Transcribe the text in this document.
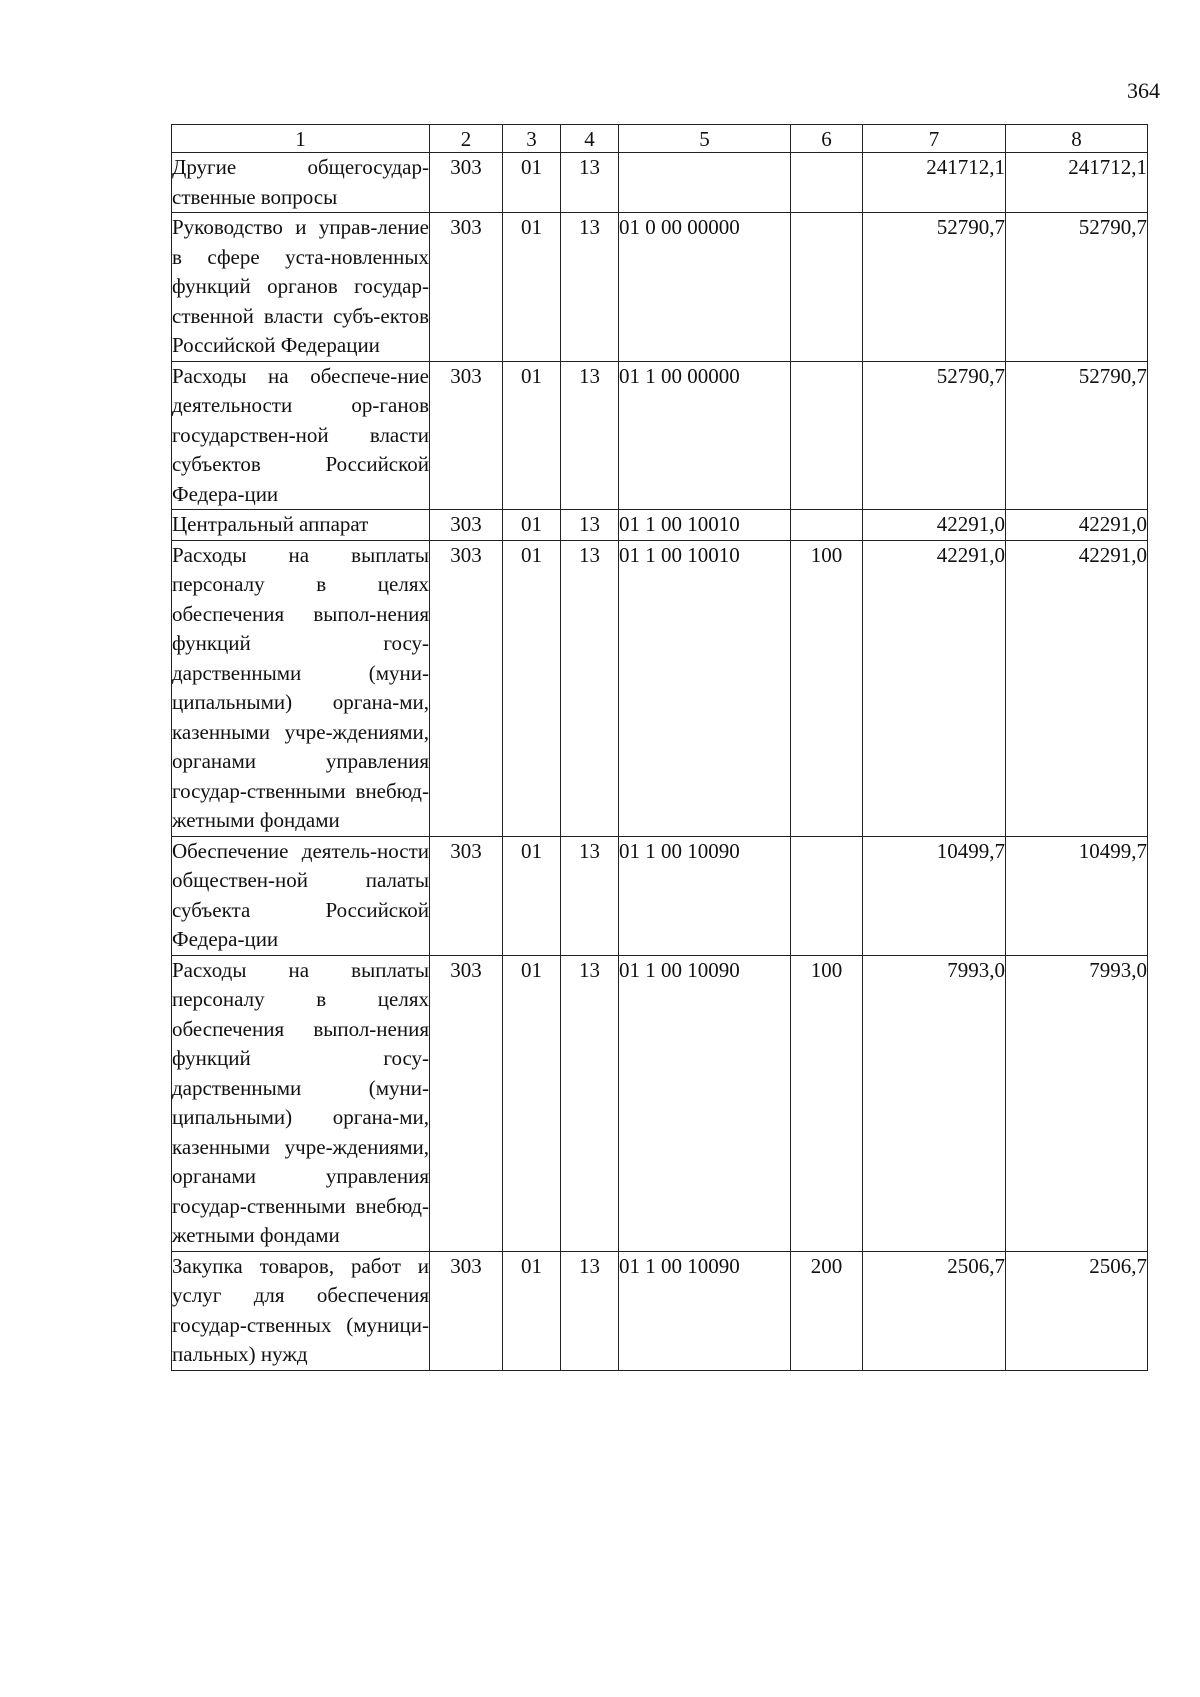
364
1	2	3	4	5	6	7	8
Другие общегосудар-ственные вопросы	303	01	13			241712,1	241712,1
Руководство и управ-ление в сфере уста-новленных функций органов государ-ственной власти субъ-ектов Российской Федерации	303	01	13	01 0 00 00000		52790,7	52790,7
Расходы на обеспече-ние деятельности ор-ганов государствен-ной власти субъектов Российской Федера-ции	303	01	13	01 1 00 00000		52790,7	52790,7
Центральный аппарат	303	01	13	01 1 00 10010		42291,0	42291,0
Расходы на выплаты персоналу в целях обеспечения выпол-нения функций госу-дарственными (муни-ципальными) органа-ми, казенными учре-ждениями, органами управления государ-ственными внебюд-жетными фондами	303	01	13	01 1 00 10010	100	42291,0	42291,0
Обеспечение деятель-ности обществен-ной палаты субъекта Российской Федера-ции	303	01	13	01 1 00 10090		10499,7	10499,7
Расходы на выплаты персоналу в целях обеспечения выпол-нения функций госу-дарственными (муни-ципальными) органа-ми, казенными учре-ждениями, органами управления государ-ственными внебюд-жетными фондами	303	01	13	01 1 00 10090	100	7993,0	7993,0
Закупка товаров, работ и услуг для обеспечения государ-ственных (муници-пальных) нужд	303	01	13	01 1 00 10090	200	2506,7	2506,7
